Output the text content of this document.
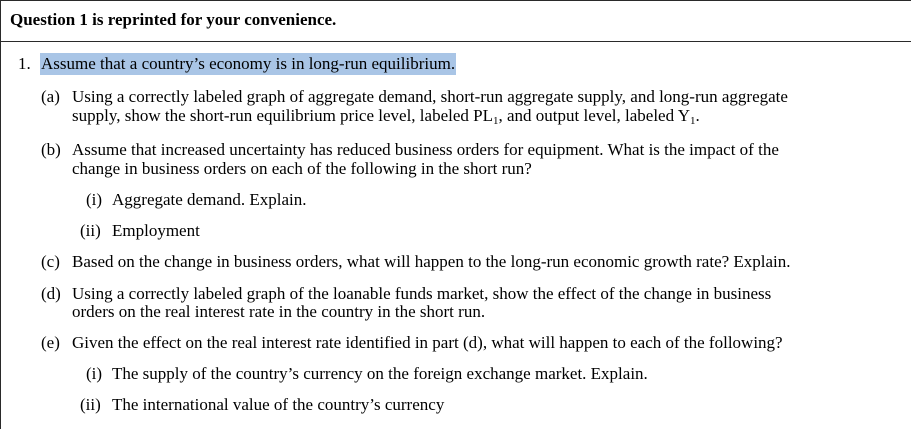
Question 1 is reprinted for your convenience.
1. Assume that a country’s economy is in long-run equilibrium.
(a) Using a correctly labeled graph of aggregate demand, short-run aggregate supply, and long-run aggregate
supply, show the short-run equilibrium price level, labeled $PL_1$, and output level, labeled $Y_1$.
(b) Assume that increased uncertainty has reduced business orders for equipment. What is the impact of the
change in business orders on each of the following in the short run?
(i) Aggregate demand. Explain.
(ii) Employment
(c) Based on the change in business orders, what will happen to the long-run economic growth rate? Explain.
(d) Using a correctly labeled graph of the loanable funds market, show the effect of the change in business
orders on the real interest rate in the country in the short run.
(e) Given the effect on the real interest rate identified in part (d), what will happen to each of the following?
(i) The supply of the country’s currency on the foreign exchange market. Explain.
(ii) The international value of the country’s currency
